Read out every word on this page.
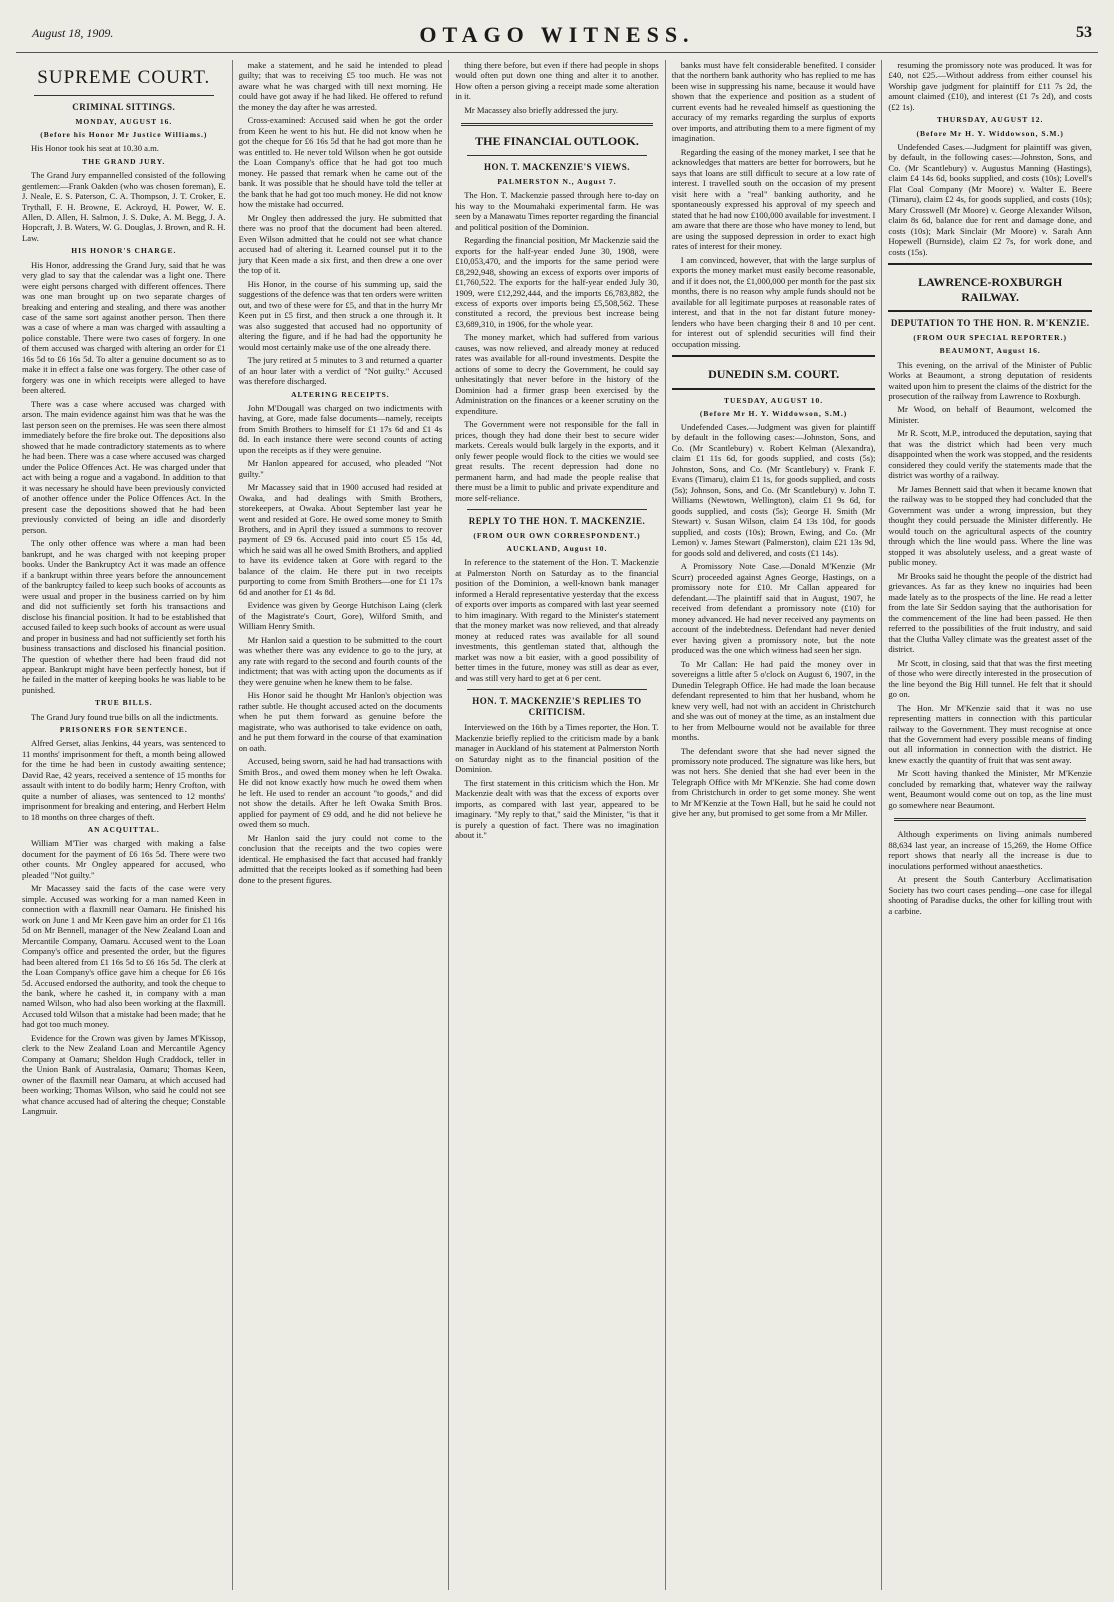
August 18, 1909.	OTAGO WITNESS.	53
SUPREME COURT.
CRIMINAL SITTINGS.
MONDAY, AUGUST 16.
(Before his Honor Mr Justice Williams.)

His Honor took his seat at 10.30 a.m.

THE GRAND JURY.

The Grand Jury empannelled consisted of the following gentlemen:—Frank Oakden (who was chosen foreman), E. J. Neale, E. S. Paterson, C. A. Thompson, J. T. Croker, E. Trythall, F. H. Browne, E. Ackroyd, H. Power, W. E. Allen, D. Allen, H. Salmon, J. S. Duke, A. M. Begg, J. A. Hopcraft, J. B. Waters, W. G. Douglas, J. Brown, and R. H. Law.

HIS HONOR'S CHARGE.

His Honor, addressing the Grand Jury, said that he was very glad to say that the calendar was a light one. There were eight persons charged with different offences. There was one man brought up on two separate charges of breaking and entering and stealing, and there was another case of the same sort against another person. Then there was a case of where a man was charged with assaulting a police constable. There were two cases of forgery. In one of them accused was charged with altering an order for £1 16s 5d to £6 16s 5d. To alter a genuine document so as to make it in effect a false one was forgery. The other case of forgery was one in which receipts were alleged to have been altered.

There was a case where accused was charged with arson. The main evidence against him was that he was the last person seen on the premises. He was seen there almost immediately before the fire broke out. The depositions also showed that he made contradictory statements as to where he had been. There was a case where accused was charged under the Police Offences Act. He was charged under that act with being a rogue and a vagabond. In addition to that it was necessary he should have been previously convicted of another offence under the Police Offences Act. In the present case the depositions showed that he had been previously convicted of being an idle and disorderly person.

The only other offence was where a man had been bankrupt, and he was charged with not keeping proper books. Under the Bankruptcy Act it was made an offence if a bankrupt within three years before the announcement of the bankruptcy failed to keep such books of accounts as were usual and proper in the business carried on by him and did not sufficiently set forth his transactions and disclose his financial position. It had to be established that accused failed to keep such books of account as were usual and proper in business and had not sufficiently set forth his business transactions and disclosed his financial position. The question of whether there had been fraud did not appear. Bankrupt might have been perfectly honest, but if he failed in the matter of keeping books he was liable to be punished.

TRUE BILLS.

The Grand Jury found true bills on all the indictments.

PRISONERS FOR SENTENCE.

Alfred Gerset, alias Jenkins, 44 years, was sentenced to 11 months' imprisonment for theft, a month being allowed for the time he had been in custody awaiting sentence; David Rae, 42 years, received a sentence of 15 months for assault with intent to do bodily harm; Henry Crofton, with quite a number of aliases, was sentenced to 12 months' imprisonment for breaking and entering, and Herbert Helm to 18 months on three charges of theft.

AN ACQUITTAL.

William M'Tier was charged with making a false document for the payment of £6 16s 5d. There were two other counts. Mr Ongley appeared for accused, who pleaded "Not guilty."

Mr Macassey said the facts of the case were very simple. Accused was working for a man named Keen in connection with a flaxmill near Oamaru. He finished his work on June 1 and Mr Keen gave him an order for £1 16s 5d on Mr Bennell, manager of the New Zealand Loan and Mercantile Company, Oamaru. Accused went to the Loan Company's office and presented the order, but the figures had been altered from £1 16s 5d to £6 16s 5d. The clerk at the Loan Company's office gave him a cheque for £6 16s 5d. Accused endorsed the authority, and took the cheque to the bank, where he cashed it, in company with a man named Wilson, who had also been working at the flaxmill. Accused told Wilson that a mistake had been made; that he had got too much money.

Evidence for the Crown was given by James M'Kissop, clerk to the New Zealand Loan and Mercantile Agency Company at Oamaru; Sheldon Hugh Craddock, teller in the Union Bank of Australasia, Oamaru; Thomas Keen, owner of the flaxmill near Oamaru, at which accused had been working; Thomas Wilson, who said he could not see what chance accused had of altering the cheque; Constable Langmuir.

make a statement, and he said he intended to plead guilty; that was to receiving £5 too much. He was not aware what he was charged with till next morning. He could have got away if he had liked. He offered to refund the money the day after he was arrested.

Cross-examined: Accused said when he got the order from Keen he went to his hut. He did not know when he got the cheque for £6 16s 5d that he had got more than he was entitled to. He never told Wilson when he got outside the Loan Company's office that he had got too much money. He passed that remark when he came out of the bank. It was possible that he should have told the teller at the bank that he had got too much money. He did not know how the mistake had occurred.

Mr Ongley then addressed the jury. He submitted that there was no proof that the document had been altered. Even Wilson admitted that he could not see what chance accused had of altering it. Learned counsel put it to the jury that Keen made a six first, and then drew a one over the top of it.

His Honor, in the course of his summing up, said the suggestions of the defence was that ten orders were written out, and two of these were for £5, and that in the hurry Mr Keen put in £5 first, and then struck a one through it. It was also suggested that accused had no opportunity of altering the figure, and if he had had the opportunity he would most certainly make use of the one already there.

The jury retired at 5 minutes to 3 and returned a quarter of an hour later with a verdict of "Not guilty." Accused was therefore discharged.

ALTERING RECEIPTS.

John M'Dougall was charged on two indictments with having, at Gore, made false documents—namely, receipts from Smith Brothers to himself for £1 17s 6d and £1 4s 8d. In each instance there were second counts of acting upon the receipts as if they were genuine.

Mr Hanlon appeared for accused, who pleaded "Not guilty."

Mr Macassey said that in 1900 accused had resided at Owaka, and had dealings with Smith Brothers, storekeepers, at Owaka. About September last year he went and resided at Gore. He owed some money to Smith Brothers, and in April they issued a summons to recover payment of £9 6s. Accused paid into court £5 15s 4d, which he said was all he owed Smith Brothers, and applied to have its evidence taken at Gore with regard to the balance of the claim. He there put in two receipts purporting to come from Smith Brothers—one for £1 17s 6d and another for £1 4s 8d.

Evidence was given by George Hutchison Laing (clerk of the Magistrate's Court, Gore), Wilford Smith, and William Henry Smith.

Mr Hanlon said a question to be submitted to the court was whether there was any evidence to go to the jury, at any rate with regard to the second and fourth counts of the indictment; that was with acting upon the documents as if they were genuine when he knew them to be false.

His Honor said he thought Mr Hanlon's objection was rather subtle. He thought accused acted on the documents when he put them forward as genuine before the magistrate, who was authorised to take evidence on oath, and he put them forward in the course of that examination on oath.

Accused, being sworn, said he had had transactions with Smith Bros., and owed them money when he left Owaka. He did not know exactly how much he owed them when he left. He used to render an account "to goods," and did not show the details. After he left Owaka Smith Bros. applied for payment of £9 odd, and he did not believe he owed them so much.

Mr Hanlon said the jury could not come to the conclusion that the receipts and the two copies were identical. He emphasised the fact that accused had frankly admitted that the receipts looked as if something had been done to the present figures.

thing there before, but even if there had people in shops would often put down one thing and alter it to another. How often a person giving a receipt made some alteration in it.

Mr Macassey also briefly addressed the jury.

THE FINANCIAL OUTLOOK.
HON. T. MACKENZIE'S VIEWS.
PALMERSTON N., August 7.

The Hon. T. Mackenzie passed through here to-day on his way to the Moumahaki experimental farm. He was seen by a Manawatu Times reporter regarding the financial and political position of the Dominion.

Regarding the financial position, Mr Mackenzie said the exports for the half-year ended June 30, 1908, were £10,053,470, and the imports for the same period were £8,292,948, showing an excess of exports over imports of £1,760,522. The exports for the half-year ended July 30, 1909, were £12,292,444, and the imports £6,783,882, the excess of exports over imports being £5,508,562. These constituted a record, the previous best increase being £3,689,310, in 1906, for the whole year.

The money market, which had suffered from various causes, was now relieved, and already money at reduced rates was available for all-round investments. Despite the actions of some to decry the Government, he could say unhesitatingly that never before in the history of the Dominion had a firmer grasp been exercised by the Administration on the finances or a keener scrutiny on the expenditure.

The Government were not responsible for the fall in prices, though they had done their best to secure wider markets. Cereals would bulk largely in the exports, and it only fewer people would flock to the cities we would see great results. The recent depression had done no permanent harm, and had made the people realise that there must be a limit to public and private expenditure and more self-reliance.

REPLY TO THE HON. T. MACKENZIE.
(FROM OUR OWN CORRESPONDENT.)
AUCKLAND, August 10.

In reference to the statement of the Hon. T. Mackenzie at Palmerston North on Saturday as to the financial position of the Dominion, a well-known bank manager informed a Herald representative yesterday that the excess of exports over imports as compared with last year seemed to him imaginary. With regard to the Minister's statement that the money market was now relieved, and that already money at reduced rates was available for all sound investments, this gentleman stated that, although the market was now a bit easier, with a good possibility of better times in the future, money was still as dear as ever, and was still very hard to get at 6 per cent.

HON. T. MACKENZIE'S REPLIES TO CRITICISM.

Interviewed on the 16th by a Times reporter, the Hon. T. Mackenzie briefly replied to the criticism made by a bank manager in Auckland of his statement at Palmerston North on Saturday night as to the financial position of the Dominion.

The first statement in this criticism which the Hon. Mr Mackenzie dealt with was that the excess of exports over imports, as compared with last year, appeared to be imaginary. "My reply to that," said the Minister, "is that it is purely a question of fact. There was no imagination about it."

banks must have felt considerable benefited. I consider that the northern bank authority who has replied to me has been wise in suppressing his name, because it would have shown that the experience and position as a student of current events had he revealed himself as questioning the accuracy of my remarks regarding the surplus of exports over imports, and attributing them to a mere figment of my imagination.

Regarding the easing of the money market, I see that he acknowledges that matters are better for borrowers, but he says that loans are still difficult to secure at a low rate of interest. I travelled south on the occasion of my present visit here with a "real" banking authority, and he spontaneously expressed his approval of my speech and stated that he had now £100,000 available for investment. I am aware that there are those who have money to lend, but are using the supposed depression in order to exact high rates of interest for their money.

I am convinced, however, that with the large surplus of exports the money market must easily become reasonable, and if it does not, the £1,000,000 per month for the past six months, there is no reason why ample funds should not be available for all legitimate purposes at reasonable rates of interest, and that in the not far distant future money-lenders who have been charging their 8 and 10 per cent. for interest out of splendid securities will find their occupation missing.

DUNEDIN S.M. COURT.
TUESDAY, AUGUST 10.
(Before Mr H. Y. Widdowson, S.M.)

Undefended Cases.—Judgment was given for plaintiff by default in the following cases:—Johnston, Sons, and Co. (Mr Scantlebury) v. Robert Kelman (Alexandra), claim £1 11s 6d, for goods supplied, and costs (5s); Johnston, Sons, and Co. (Mr Scantlebury) v. Frank F. Evans (Timaru), claim £1 1s, for goods supplied, and costs (5s); Johnson, Sons, and Co. (Mr Scantlebury) v. John T. Williams (Newtown, Wellington), claim £1 9s 6d, for goods supplied, and costs (5s); George H. Smith (Mr Stewart) v. Susan Wilson, claim £4 13s 10d, for goods supplied, and costs (10s); Brown, Ewing, and Co. (Mr Lemon) v. James Stewart (Palmerston), claim £21 13s 9d, for goods sold and delivered, and costs (£1 14s).

A Promissory Note Case.—Donald M'Kenzie (Mr Scurr) proceeded against Agnes George, Hastings, on a promissory note for £10. Mr Callan appeared for defendant.—The plaintiff said that in August, 1907, he received from defendant a promissory note (£10) for money advanced. He had never received any payments on account of the indebtedness. Defendant had never denied ever having given a promissory note, but the note produced was the one which witness had seen her sign.

To Mr Callan: He had paid the money over in sovereigns a little after 5 o'clock on August 6, 1907, in the Dunedin Telegraph Office. He had made the loan because defendant represented to him that her husband, whom he knew very well, had not with an accident in Christchurch and she was out of money at the time, as an instalment due to her from Melbourne would not be available for three months.

The defendant swore that she had never signed the promissory note produced. The signature was like hers, but was not hers. She denied that she had ever been in the Telegraph Office with Mr M'Kenzie. She had come down from Christchurch in order to get some money. She went to Mr M'Kenzie at the Town Hall, but he said he could not give her any, but promised to get some from a Mr Miller.

resuming the promissory note was produced. It was for £40, not £25.—Without address from either counsel his Worship gave judgment for plaintiff for £11 7s 2d, the amount claimed (£10), and interest (£1 7s 2d), and costs (£2 1s).

THURSDAY, AUGUST 12.
(Before Mr H. Y. Widdowson, S.M.)

Undefended Cases.—Judgment for plaintiff was given, by default, in the following cases:—Johnston, Sons, and Co. (Mr Scantlebury) v. Augustus Manning (Hastings), claim £4 14s 6d, books supplied, and costs (10s); Lovell's Flat Coal Company (Mr Moore) v. Walter E. Beere (Timaru), claim £2 4s, for goods supplied, and costs (10s); Mary Crosswell (Mr Moore) v. George Alexander Wilson, claim 8s 6d, balance due for rent and damage done, and costs (10s); Mark Sinclair (Mr Moore) v. Sarah Ann Hopewell (Burnside), claim £2 7s, for work done, and costs (15s).

LAWRENCE-ROXBURGH RAILWAY.
DEPUTATION TO THE HON. R. M'KENZIE.
(FROM OUR SPECIAL REPORTER.)
BEAUMONT, August 16.

This evening, on the arrival of the Minister of Public Works at Beaumont, a strong deputation of residents waited upon him to present the claims of the district for the prosecution of the railway from Lawrence to Roxburgh.

Mr Wood, on behalf of Beaumont, welcomed the Minister.

Mr R. Scott, M.P., introduced the deputation, saying that that was the district which had been very much disappointed when the work was stopped, and the residents considered they could verify the statements made that the district was worthy of a railway.

Mr James Bennett said that when it became known that the railway was to be stopped they had concluded that the Government was under a wrong impression, but they thought they could persuade the Minister differently. He would touch on the agricultural aspects of the country through which the line would pass. Where the line was stopped it was absolutely useless, and a great waste of public money.

Mr Brooks said he thought the people of the district had grievances. As far as they knew no inquiries had been made lately as to the prospects of the line. He read a letter from the late Sir Seddon saying that the authorisation for the commencement of the line had been passed. He then referred to the possibilities of the fruit industry, and said that the Clutha Valley climate was the greatest asset of the district.

Mr Scott, in closing, said that that was the first meeting of those who were directly interested in the prosecution of the line beyond the Big Hill tunnel. He felt that it should go on.

The Hon. Mr M'Kenzie said that it was no use representing matters in connection with this particular railway to the Government. They must recognise at once that the Government had every possible means of finding out all information in connection with the district. He knew exactly the quantity of fruit that was sent away.

Mr Scott having thanked the Minister, Mr M'Kenzie concluded by remarking that, whatever way the railway went, Beaumont would come out on top, as the line must go somewhere near Beaumont.

Although experiments on living animals numbered 88,634 last year, an increase of 15,269, the Home Office report shows that nearly all the increase is due to inoculations performed without anaesthetics.

At present the South Canterbury Acclimatisation Society has two court cases pending—one case for illegal shooting of Paradise ducks, the other for killing trout with a carbine.
